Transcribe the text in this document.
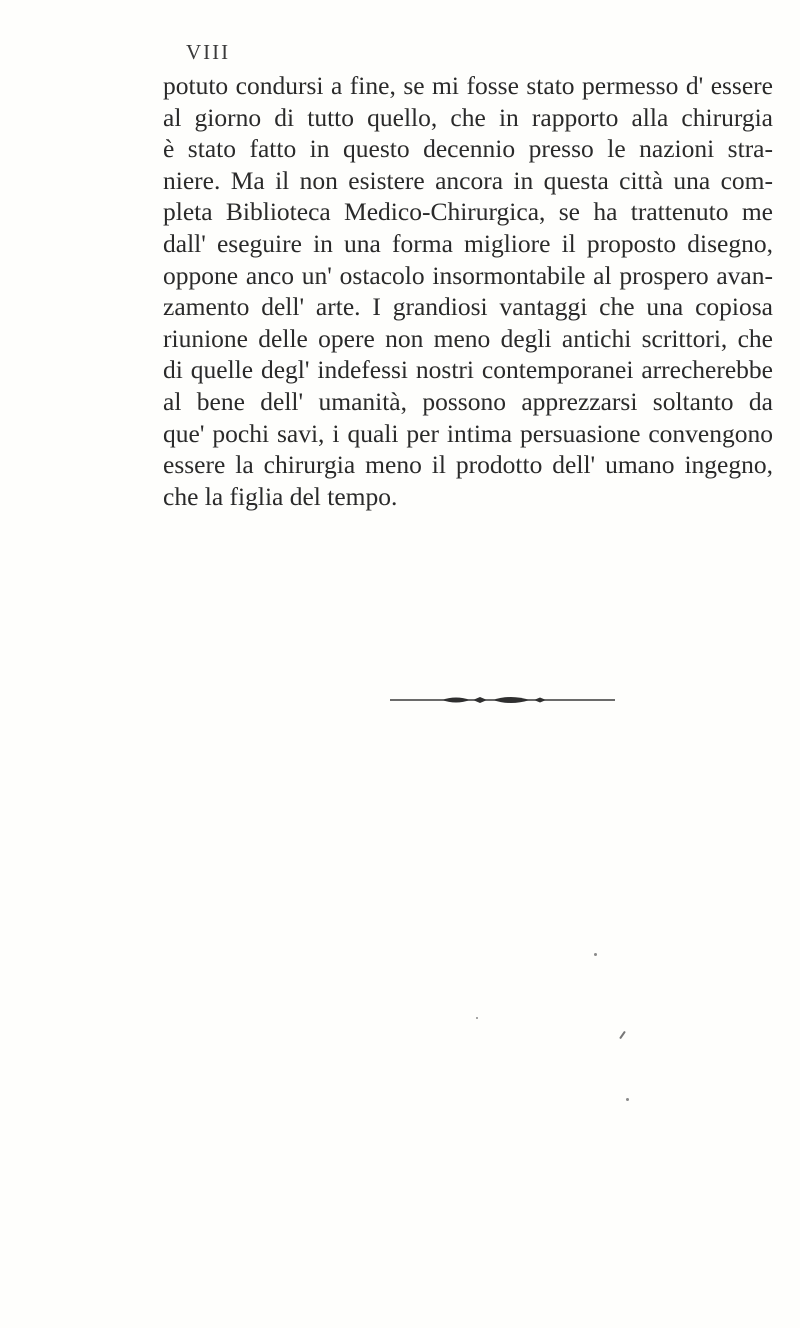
VIII
potuto condursi a fine, se mi fosse stato permesso d' essere
al giorno di tutto quello, che in rapporto alla chirurgia
è stato fatto in questo decennio presso le nazioni stra-
niere. Ma il non esistere ancora in questa città una com-
pleta Biblioteca Medico-Chirurgica, se ha trattenuto me
dall' eseguire in una forma migliore il proposto disegno,
oppone anco un' ostacolo insormontabile al prospero avan-
zamento dell' arte. I grandiosi vantaggi che una copiosa
riunione delle opere non meno degli antichi scrittori, che
di quelle degl' indefessi nostri contemporanei arrecherebbe
al bene dell' umanità, possono apprezzarsi soltanto da
que' pochi savi, i quali per intima persuasione convengono
essere la chirurgia meno il prodotto dell' umano ingegno,
che la figlia del tempo.
